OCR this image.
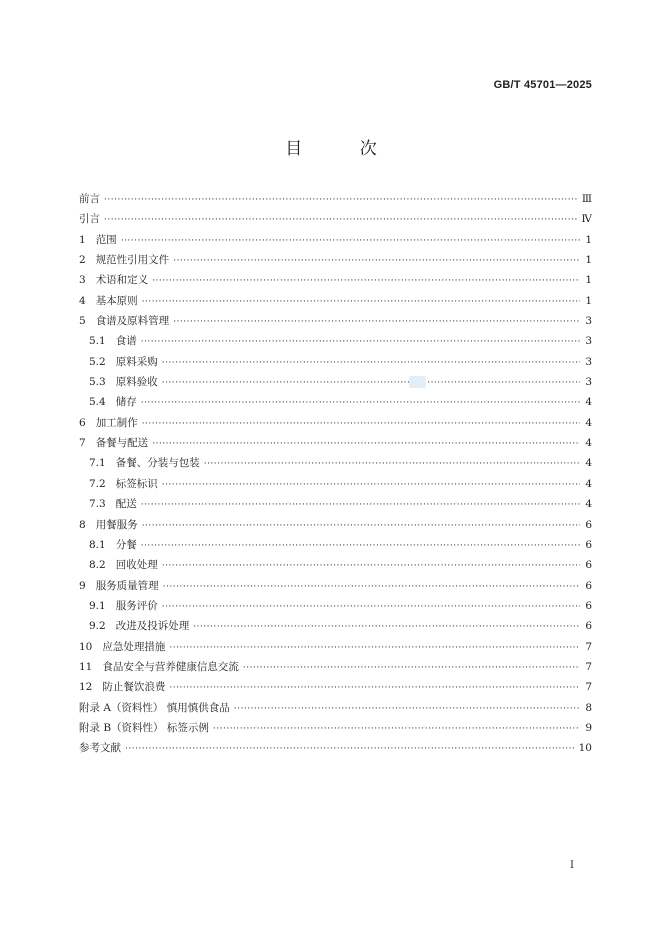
GB/T 45701—2025
目 次
前言 ·····	Ⅲ
引言 ·····	Ⅳ
1 范围 ·····	1
2 规范性引用文件 ·····	1
3 术语和定义 ·····	1
4 基本原则 ·····	1
5 食谱及原料管理 ·····	3
5.1 食谱 ·····	3
5.2 原料采购 ·····	3
5.3 原料验收 ·····	3
5.4 储存 ·····	4
6 加工制作 ·····	4
7 备餐与配送 ·····	4
7.1 备餐、分装与包装 ·····	4
7.2 标签标识 ·····	4
7.3 配送 ·····	4
8 用餐服务 ·····	6
8.1 分餐 ·····	6
8.2 回收处理 ·····	6
9 服务质量管理 ·····	6
9.1 服务评价 ·····	6
9.2 改进及投诉处理 ·····	6
10 应急处理措施 ·····	7
11 食品安全与营养健康信息交流 ·····	7
12 防止餐饮浪费 ·····	7
附录 A（资料性） 慎用慎供食品 ·····	8
附录 B（资料性） 标签示例 ·····	9
参考文献 ·····	10
Ⅰ
